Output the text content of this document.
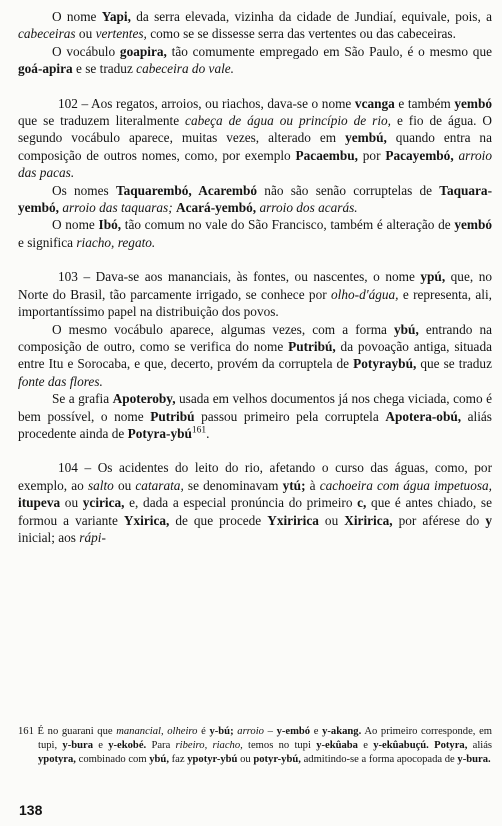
O nome Yapi, da serra elevada, vizinha da cidade de Jundiaí, equivale, pois, a cabeceiras ou vertentes, como se se dissesse serra das vertentes ou das cabeceiras.

O vocábulo goapira, tão comumente empregado em São Paulo, é o mesmo que goá-apira e se traduz cabeceira do vale.

102 – Aos regatos, arroios, ou riachos, dava-se o nome vcanga e também yembó que se traduzem literalmente cabeça de água ou princípio de rio, e fio de água. O segundo vocábulo aparece, muitas vezes, alterado em yembú, quando entra na composição de outros nomes, como, por exemplo Pacaembu, por Pacayembó, arroio das pacas.

Os nomes Taquarembó, Acarembó não são senão corruptelas de Taquara-yembó, arroio das taquaras; Acará-yembó, arroio dos acarás.

O nome Ibó, tão comum no vale do São Francisco, também é alteração de yembó e significa riacho, regato.

103 – Dava-se aos mananciais, às fontes, ou nascentes, o nome ypú, que, no Norte do Brasil, tão parcamente irrigado, se conhece por olho-d'água, e representa, ali, importantíssimo papel na distribuição dos povos.

O mesmo vocábulo aparece, algumas vezes, com a forma ybú, entrando na composição de outro, como se verifica do nome Putribú, da povoação antiga, situada entre Itu e Sorocaba, e que, decerto, provém da corruptela de Potyraybú, que se traduz fonte das flores.

Se a grafia Apoteroby, usada em velhos documentos já nos chega viciada, como é bem possível, o nome Putribú passou primeiro pela corruptela Apotera-obú, aliás procedente ainda de Potyra-ybú$^{161}$.

104 – Os acidentes do leito do rio, afetando o curso das águas, como, por exemplo, ao salto ou catarata, se denominavam ytú; à cachoeira com água impetuosa, itupeva ou ycirica, e, dada a especial pronúncia do primeiro c, que é antes chiado, se formou a variante Yxirica, de que procede Yxiririca ou Xiririca, por aférese do y inicial; aos rápi-

161 É no guarani que manancial, olheiro é y-bú; arroio – y-embó e y-akang. Ao primeiro corresponde, em tupi, y-bura e y-ekobé. Para ribeiro, riacho, temos no tupi y-ekûaba e y-ekûabuçú. Potyra, aliás ypotyra, combinado com ybú, faz ypotyr-ybú ou potyr-ybú, admitindo-se a forma apocopada de y-bura.

138
